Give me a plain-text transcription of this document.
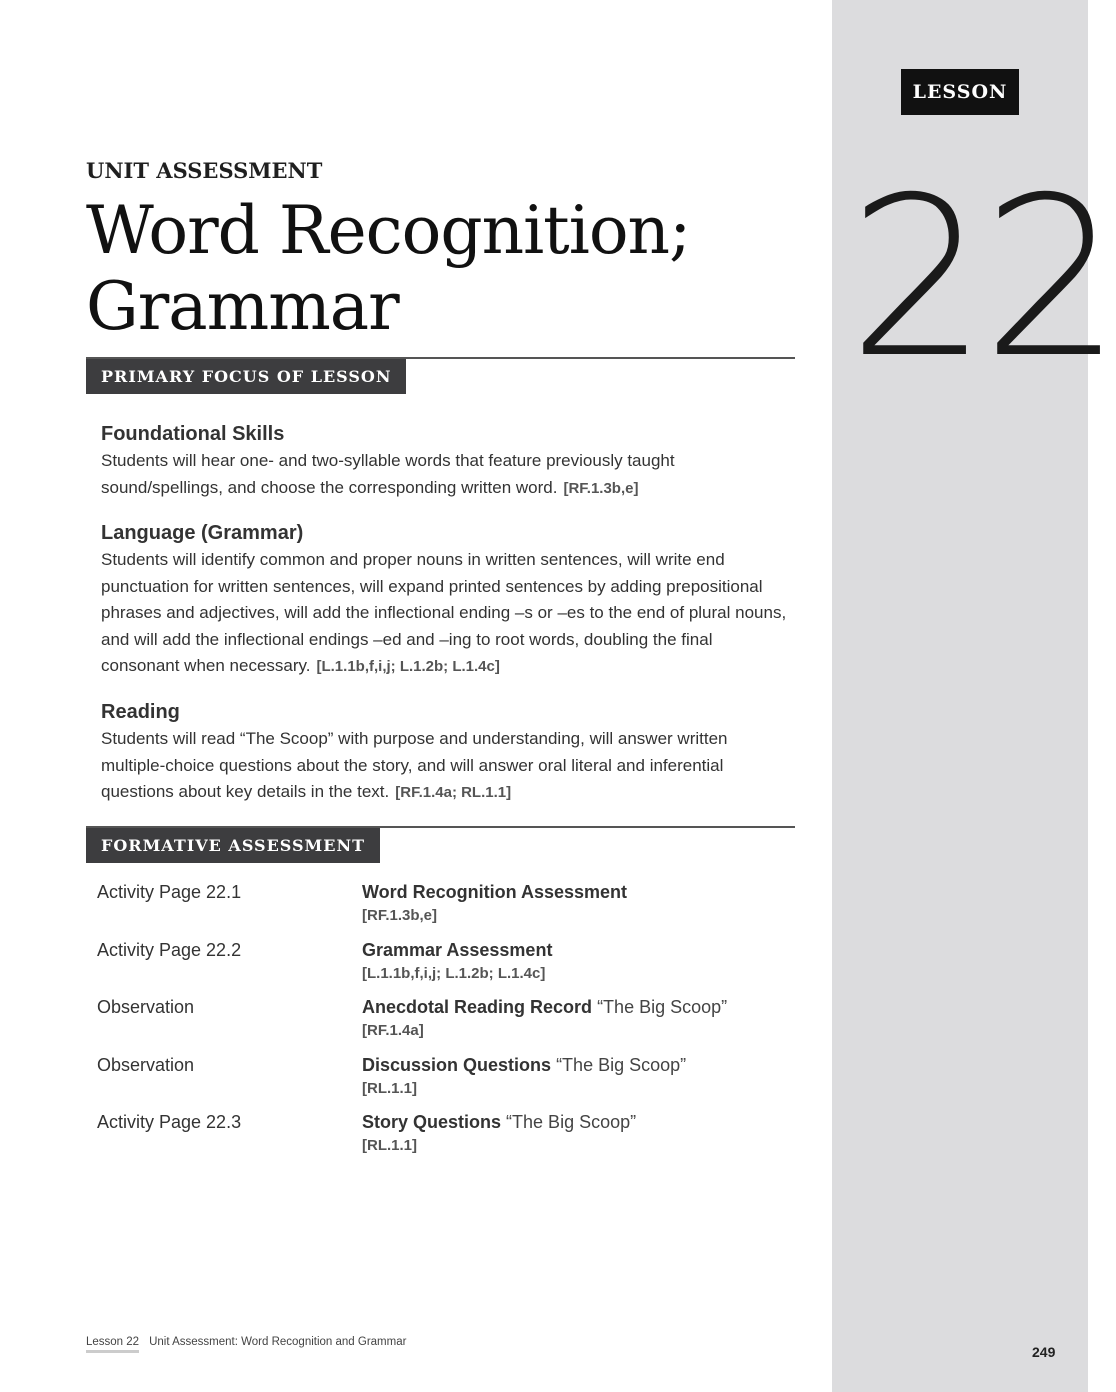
LESSON
22
UNIT ASSESSMENT
Word Recognition;
Grammar
PRIMARY FOCUS OF LESSON
Foundational Skills

Students will hear one- and two-syllable words that feature previously taught sound/spellings, and choose the corresponding written word. [RF.1.3b,e]

Language (Grammar)

Students will identify common and proper nouns in written sentences, will write end punctuation for written sentences, will expand printed sentences by adding prepositional phrases and adjectives, will add the inflectional ending –s or –es to the end of plural nouns, and will add the inflectional endings –ed and –ing to root words, doubling the final consonant when necessary. [L.1.1b,f,i,j; L.1.2b; L.1.4c]

Reading

Students will read “The Scoop” with purpose and understanding, will answer written multiple-choice questions about the story, and will answer oral literal and inferential questions about key details in the text. [RF.1.4a; RL.1.1]

FORMATIVE ASSESSMENT
Activity Page 22.1	Word Recognition Assessment
[RF.1.3b,e]
Activity Page 22.2	Grammar Assessment
[L.1.1b,f,i,j; L.1.2b; L.1.4c]
Observation	Anecdotal Reading Record “The Big Scoop”
[RF.1.4a]
Observation	Discussion Questions “The Big Scoop”
[RL.1.1]
Activity Page 22.3	Story Questions “The Big Scoop”
[RL.1.1]
Lesson 22 Unit Assessment: Word Recognition and Grammar
249
